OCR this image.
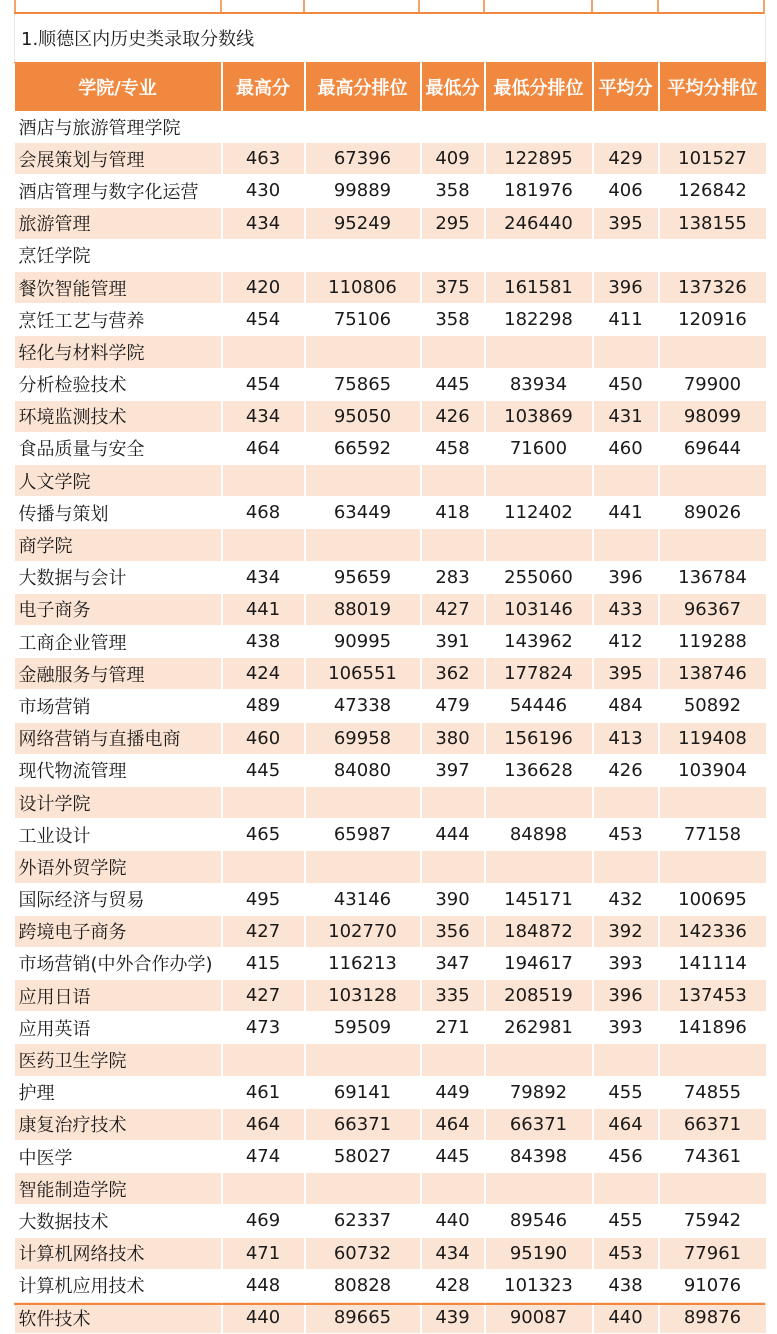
1.顺德区内历史类录取分数线						
学院/专业	最高分	最高分排位	最低分	最低分排位	平均分	平均分排位
酒店与旅游管理学院						
会展策划与管理	463	67396	409	122895	429	101527
酒店管理与数字化运营	430	99889	358	181976	406	126842
旅游管理	434	95249	295	246440	395	138155
烹饪学院						
餐饮智能管理	420	110806	375	161581	396	137326
烹饪工艺与营养	454	75106	358	182298	411	120916
轻化与材料学院						
分析检验技术	454	75865	445	83934	450	79900
环境监测技术	434	95050	426	103869	431	98099
食品质量与安全	464	66592	458	71600	460	69644
人文学院						
传播与策划	468	63449	418	112402	441	89026
商学院						
大数据与会计	434	95659	283	255060	396	136784
电子商务	441	88019	427	103146	433	96367
工商企业管理	438	90995	391	143962	412	119288
金融服务与管理	424	106551	362	177824	395	138746
市场营销	489	47338	479	54446	484	50892
网络营销与直播电商	460	69958	380	156196	413	119408
现代物流管理	445	84080	397	136628	426	103904
设计学院						
工业设计	465	65987	444	84898	453	77158
外语外贸学院						
国际经济与贸易	495	43146	390	145171	432	100695
跨境电子商务	427	102770	356	184872	392	142336
市场营销(中外合作办学)	415	116213	347	194617	393	141114
应用日语	427	103128	335	208519	396	137453
应用英语	473	59509	271	262981	393	141896
医药卫生学院						
护理	461	69141	449	79892	455	74855
康复治疗技术	464	66371	464	66371	464	66371
中医学	474	58027	445	84398	456	74361
智能制造学院						
大数据技术	469	62337	440	89546	455	75942
计算机网络技术	471	60732	434	95190	453	77961
计算机应用技术	448	80828	428	101323	438	91076
软件技术	440	89665	439	90087	440	89876
